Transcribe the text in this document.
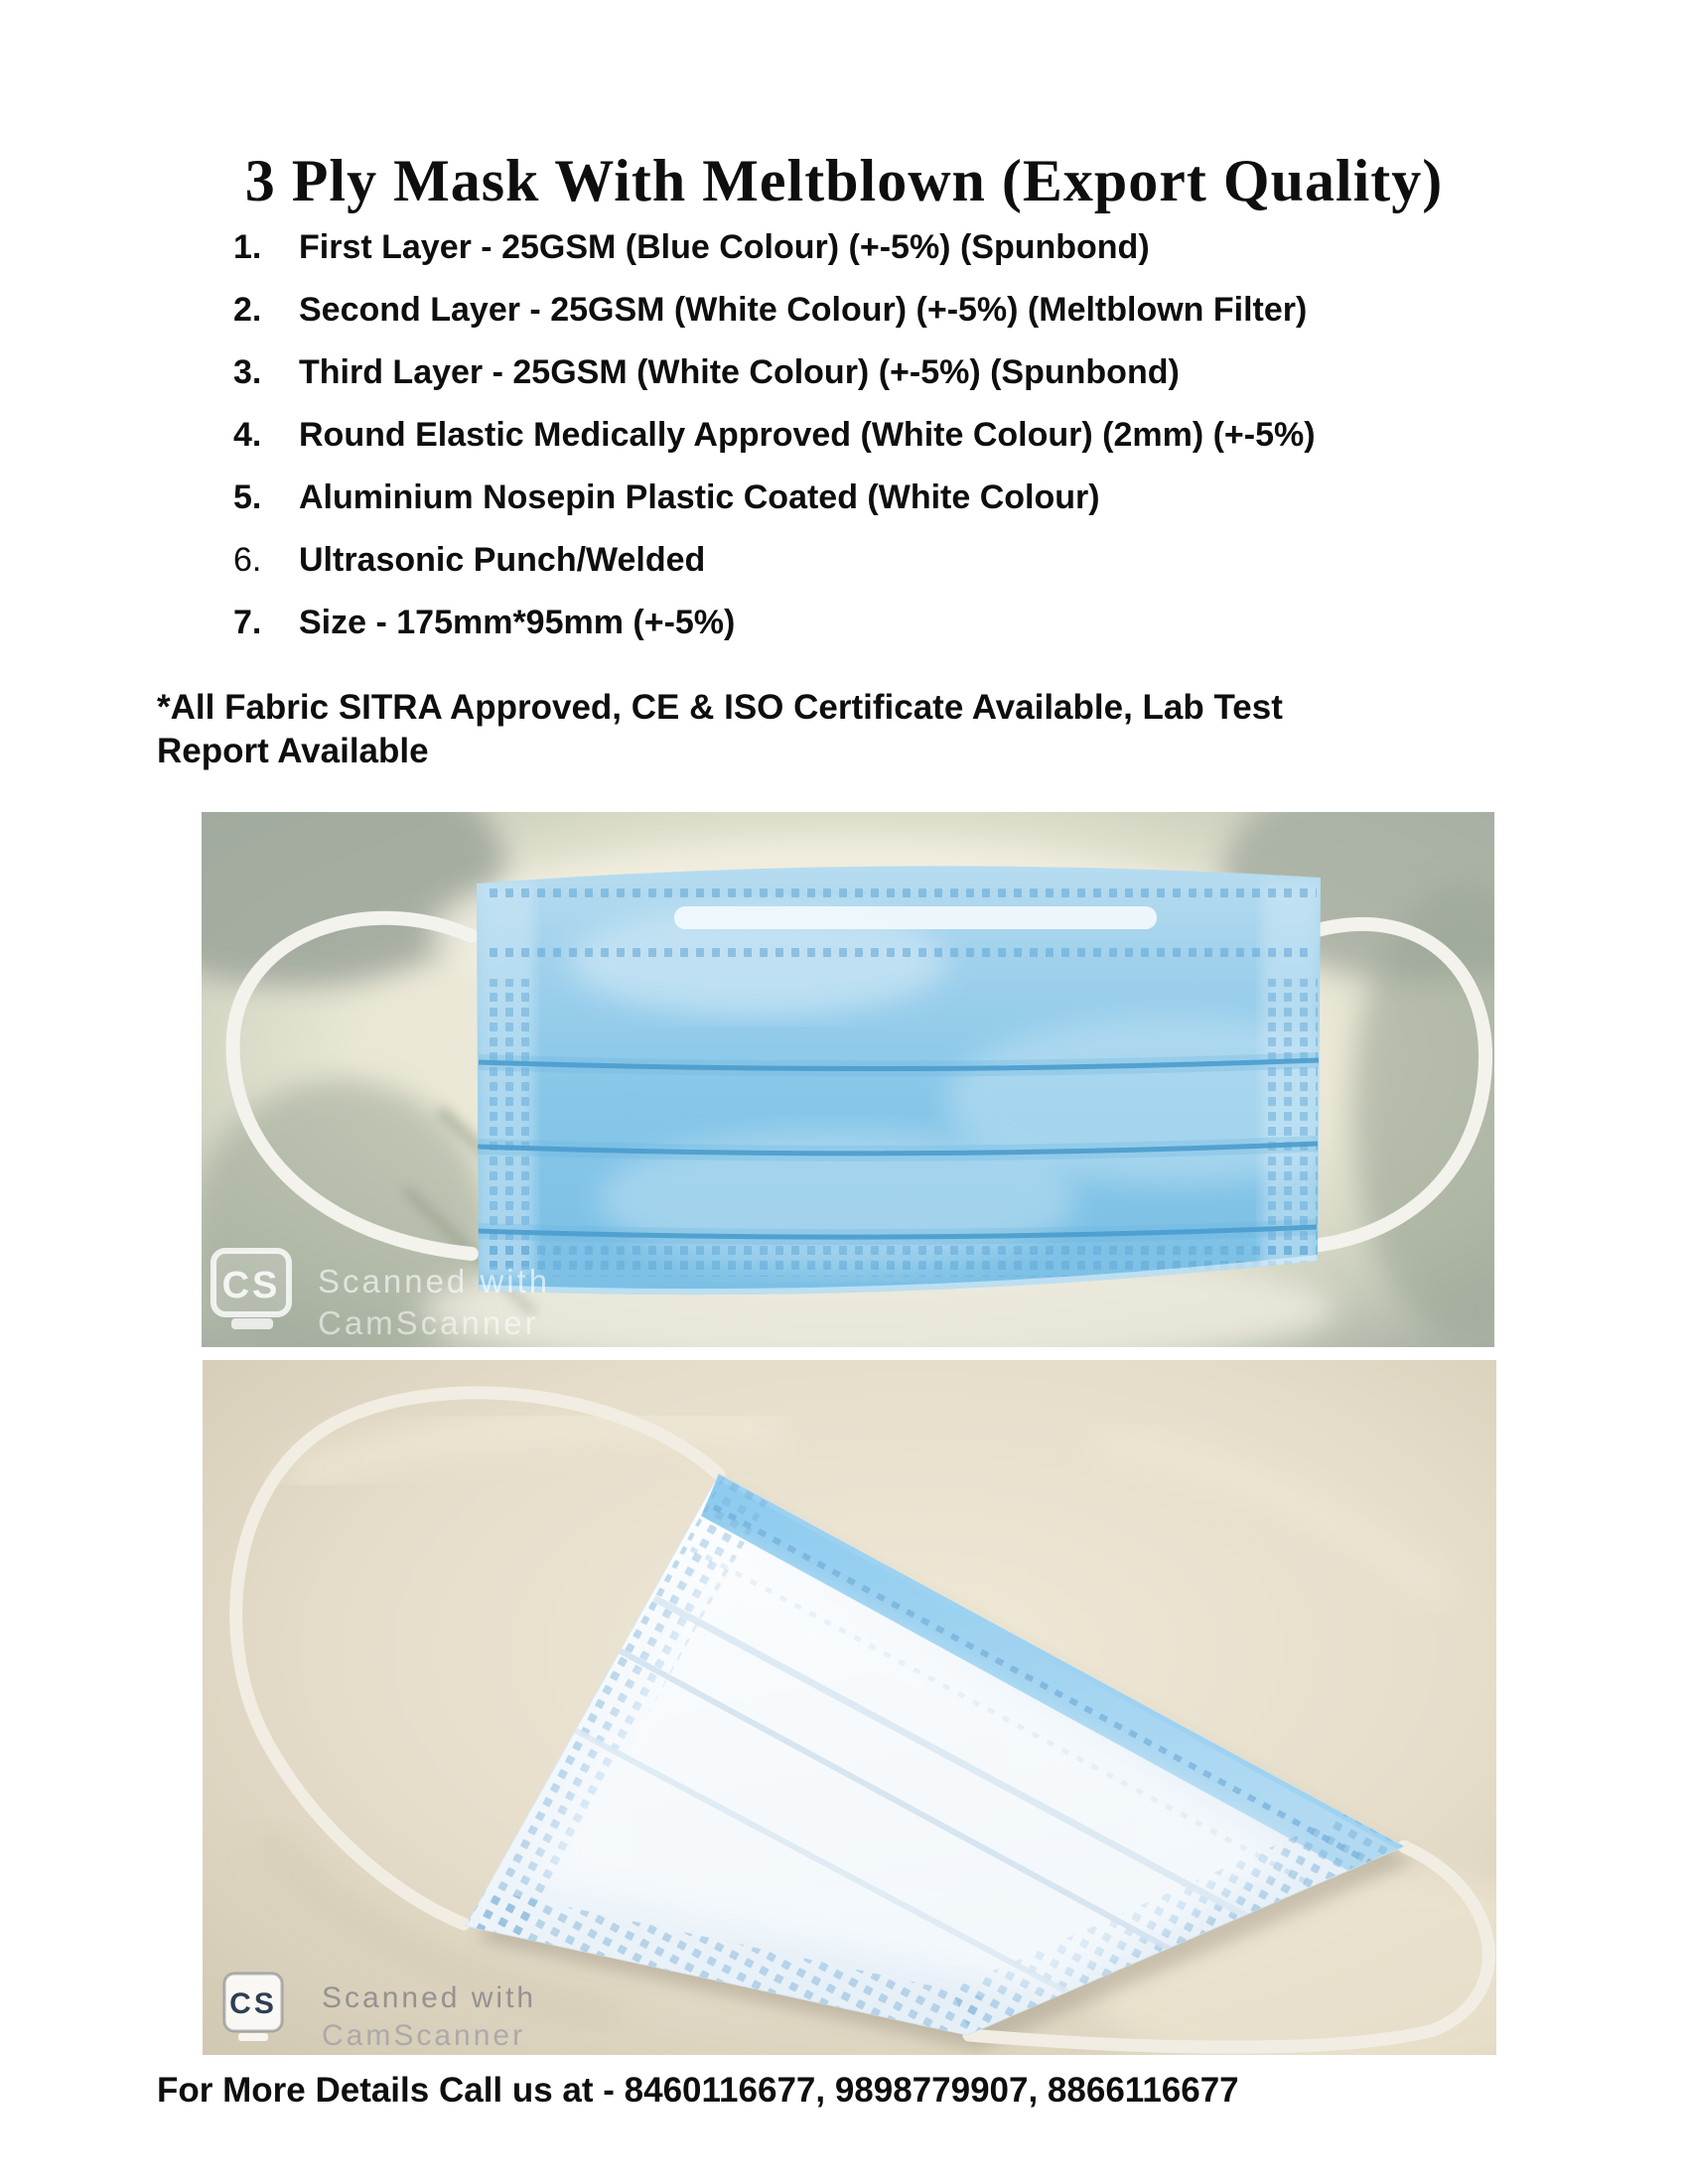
3 Ply Mask With Meltblown (Export Quality)
1.	First Layer - 25GSM (Blue Colour) (+-5%) (Spunbond)
2.	Second Layer - 25GSM (White Colour) (+-5%) (Meltblown Filter)
3.	Third Layer - 25GSM (White Colour) (+-5%) (Spunbond)
4.	Round Elastic Medically Approved (White Colour) (2mm) (+-5%)
5.	Aluminium Nosepin Plastic Coated (White Colour)
6.	Ultrasonic Punch/Welded
7.	Size - 175mm*95mm (+-5%)
*All Fabric SITRA Approved, CE & ISO Certificate Available, Lab Test
Report Available
CS Scanned with
CamScanner
CS Scanned with
CamScanner
For More Details Call us at - 8460116677, 9898779907, 8866116677
